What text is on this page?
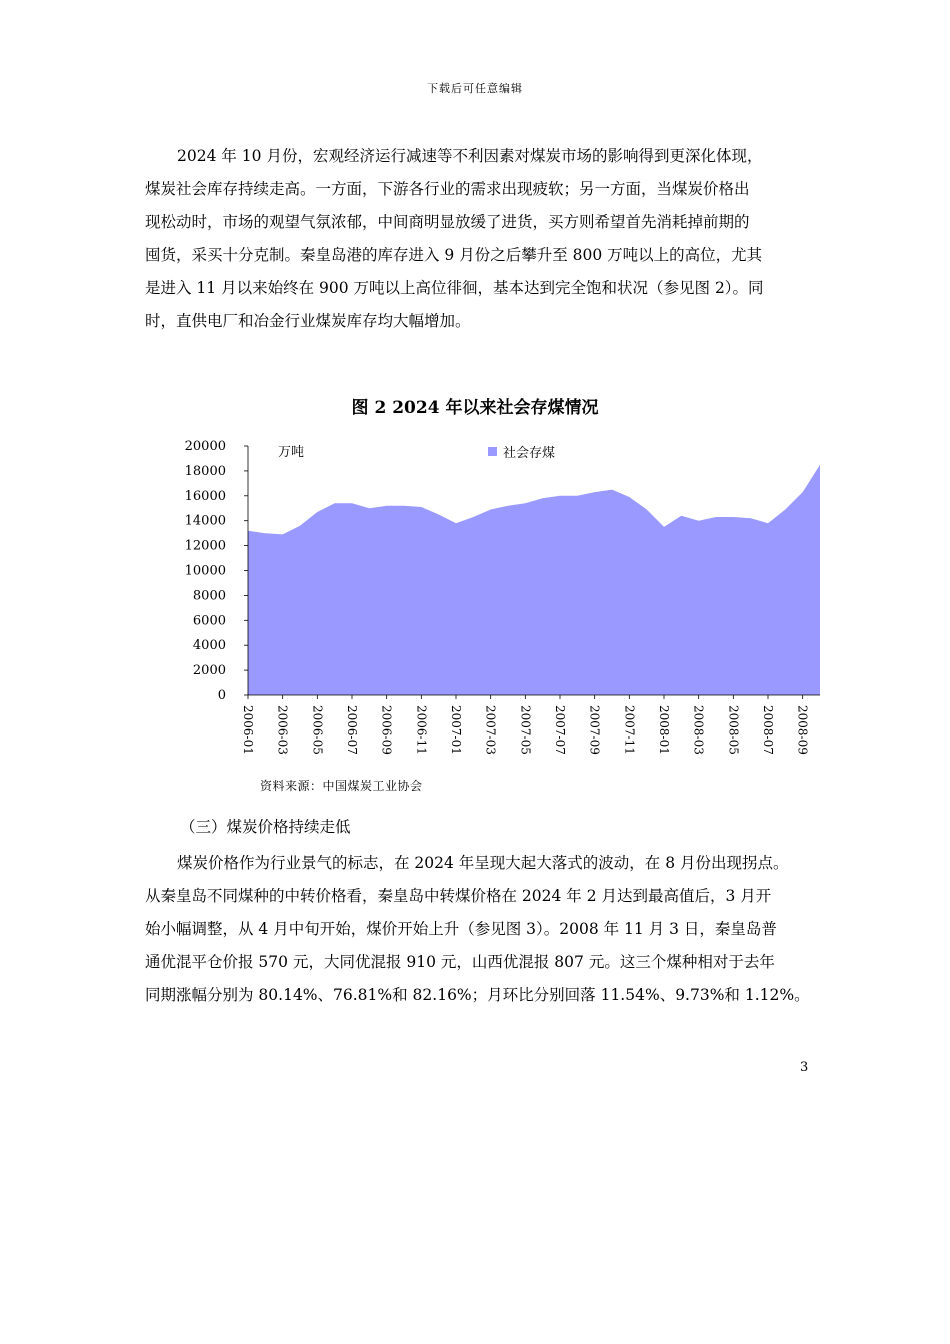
下载后可任意编辑
2024 年 10 月份，宏观经济运行减速等不利因素对煤炭市场的影响得到更深化体现，
煤炭社会库存持续走高。一方面，下游各行业的需求出现疲软；另一方面，当煤炭价格出
现松动时，市场的观望气氛浓郁，中间商明显放缓了进货，买方则希望首先消耗掉前期的
囤货，采买十分克制。秦皇岛港的库存进入 9 月份之后攀升至 800 万吨以上的高位，尤其
是进入 11 月以来始终在 900 万吨以上高位徘徊，基本达到完全饱和状况（参见图 2）。同
时，直供电厂和冶金行业煤炭库存均大幅增加。
图 2 2024 年以来社会存煤情况
0
2000
4000
6000
8000
10000
12000
14000
16000
18000
20000
2006-01 2006-03 2006-05 2006-07 2006-09 2006-11 2007-01 2007-03 2007-05 2007-07 2007-09 2007-11 2008-01 2008-03 2008-05 2008-07 2008-09
万吨	社会存煤
资料来源：中国煤炭工业协会
（三）煤炭价格持续走低
煤炭价格作为行业景气的标志，在 2024 年呈现大起大落式的波动，在 8 月份出现拐点。
从秦皇岛不同煤种的中转价格看，秦皇岛中转煤价格在 2024 年 2 月达到最高值后，3 月开
始小幅调整，从 4 月中旬开始，煤价开始上升（参见图 3）。2008 年 11 月 3 日，秦皇岛普
通优混平仓价报 570 元，大同优混报 910 元，山西优混报 807 元。这三个煤种相对于去年
同期涨幅分别为 80.14%、76.81%和 82.16%；月环比分别回落 11.54%、9.73%和 1.12%。
3
